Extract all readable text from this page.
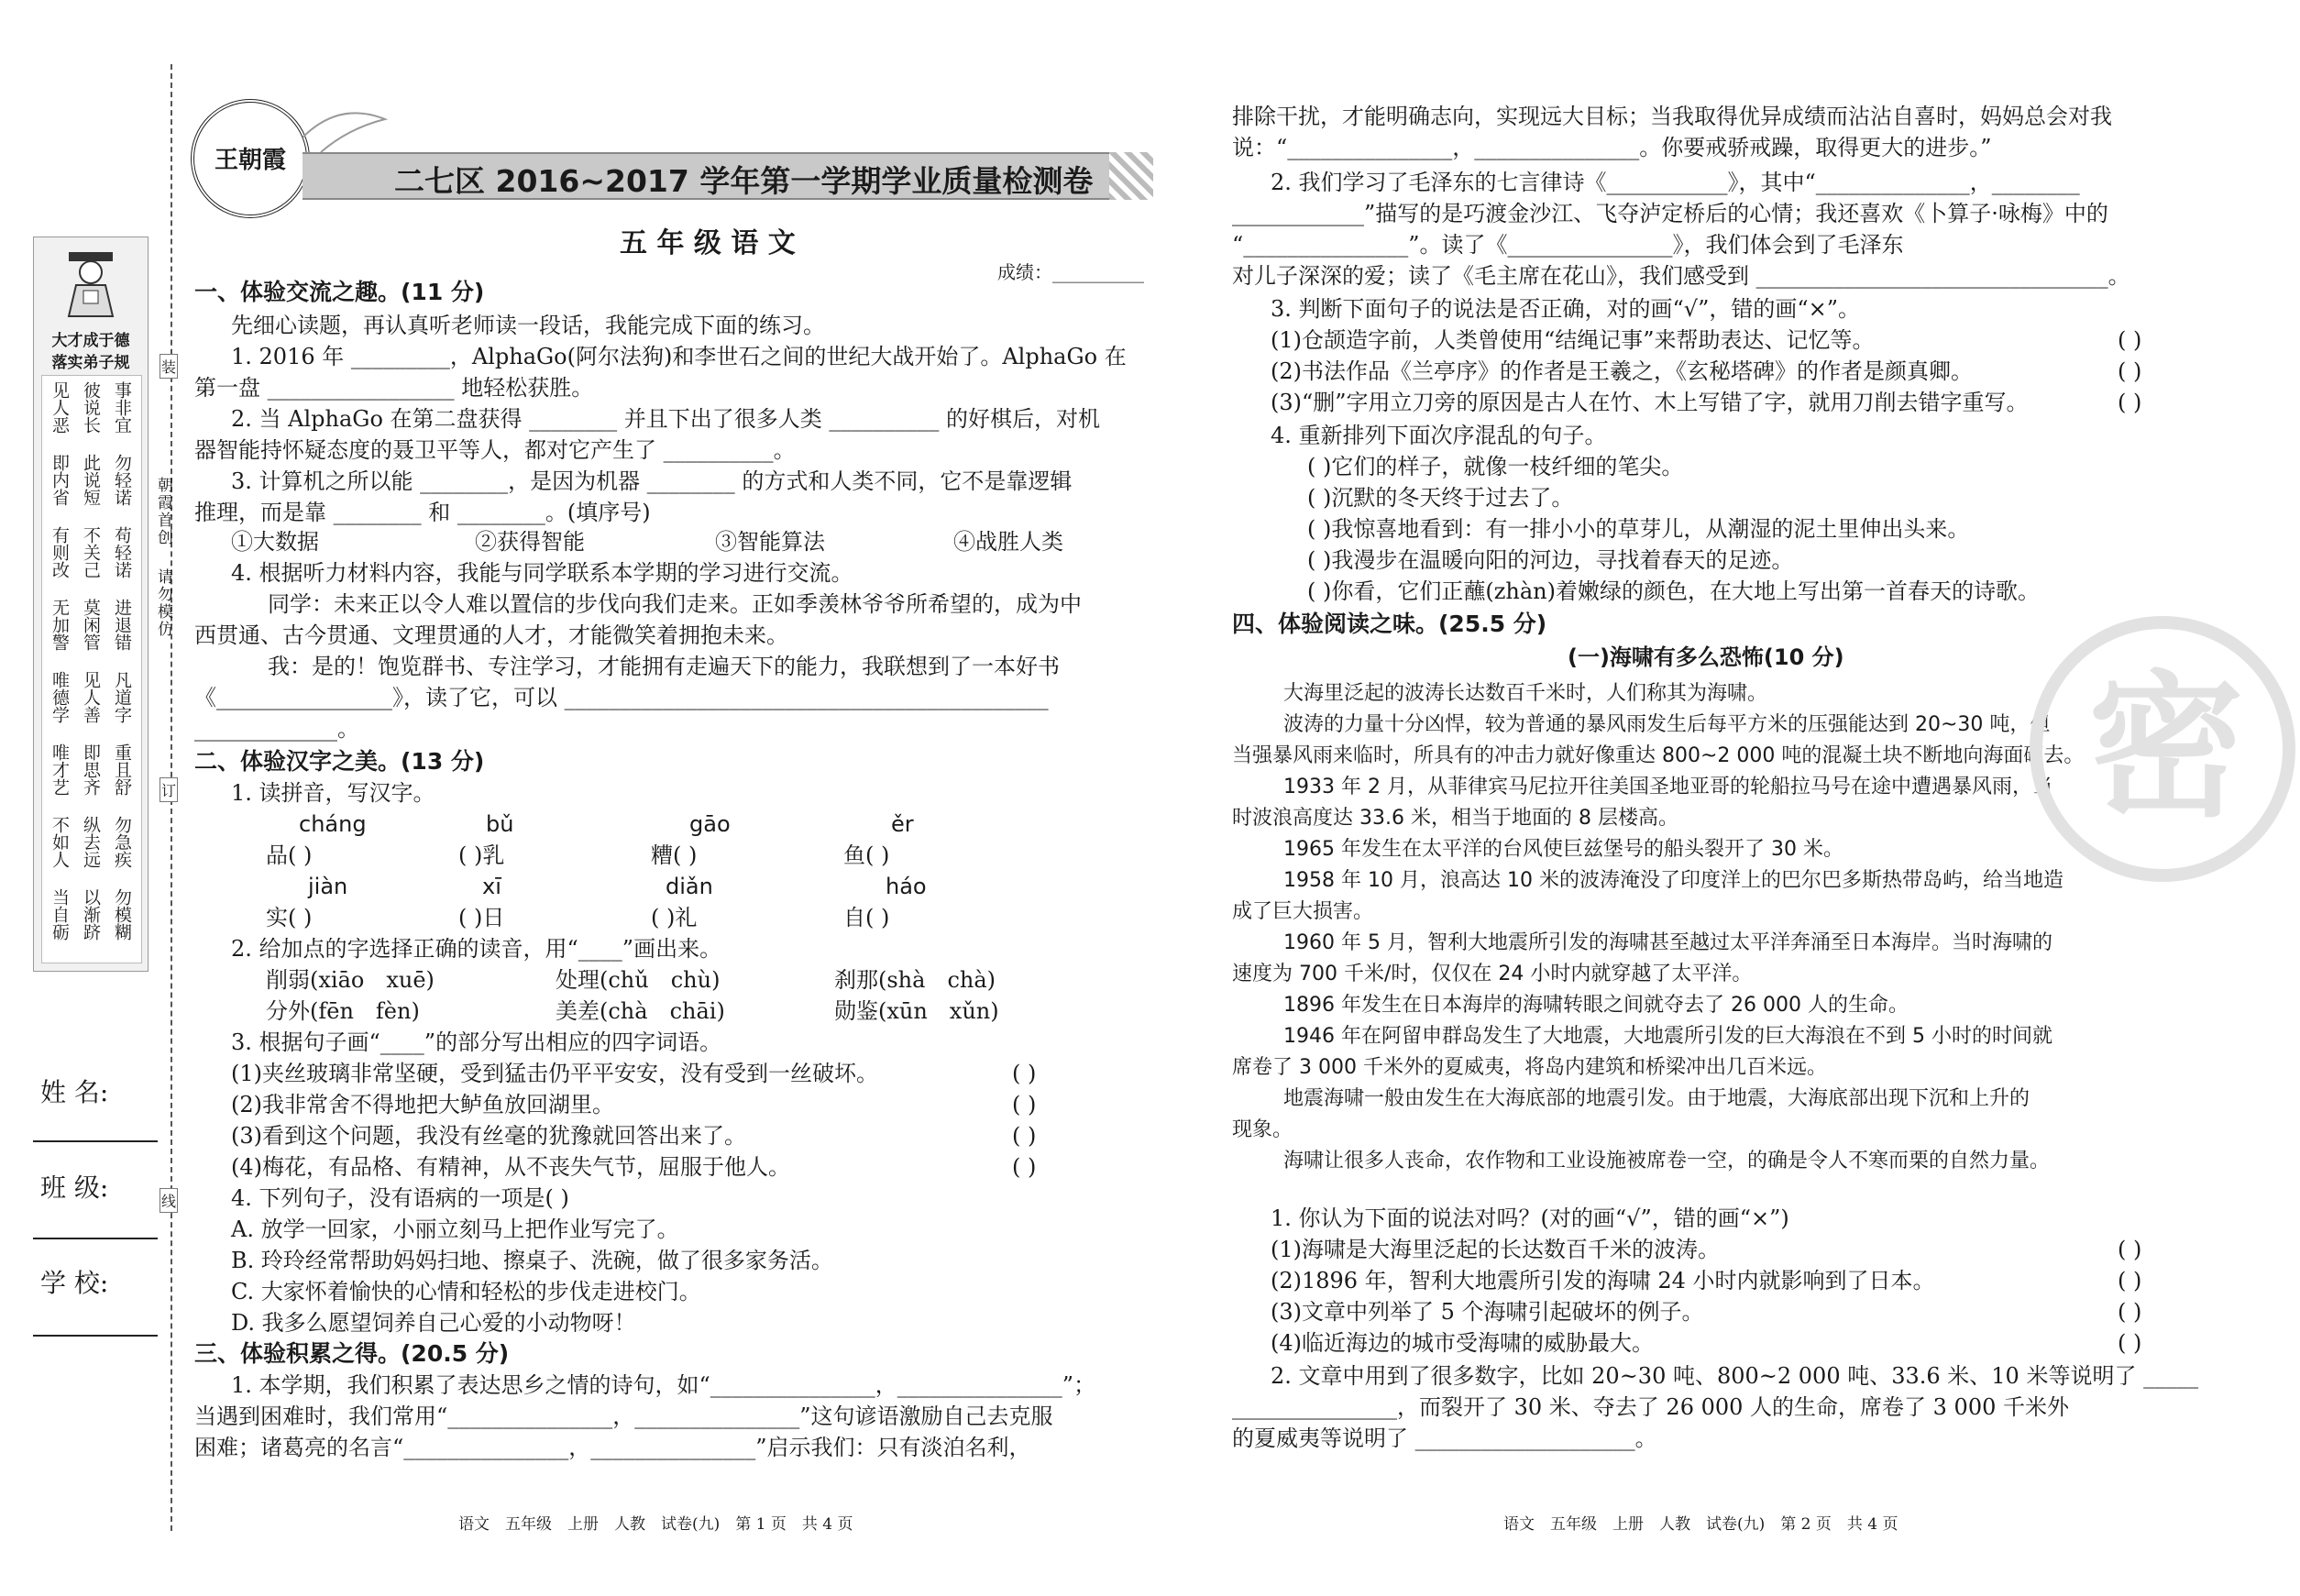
大才成于德
落实弟子规
见人恶 彼说长 事非宜
即内省 此说短 勿轻诺
有则改 不关己 苟轻诺
无加警 莫闲管 进退错
唯德学 见人善 凡道字
唯才艺 即思齐 重且舒
不如人 纵去远 勿急疾
当自砺 以渐跻 勿模糊
装
朝霞首创
请勿模仿
订
线
姓 名:
班 级:
学 校:
王朝霞
二七区 2016~2017 学年第一学期学业质量检测卷
五 年 级 语 文
成绩：__________
一、体验交流之趣。(11 分)
先细心读题，再认真听老师读一段话，我能完成下面的练习。
1. 2016 年 _________，AlphaGo(阿尔法狗)和李世石之间的世纪大战开始了。AlphaGo 在
第一盘 _________________ 地轻松获胜。
2. 当 AlphaGo 在第二盘获得 ________ 并且下出了很多人类 __________ 的好棋后，对机
器智能持怀疑态度的聂卫平等人，都对它产生了 __________。
3. 计算机之所以能 ________，是因为机器 ________ 的方式和人类不同，它不是靠逻辑
推理，而是靠 ________ 和 ________。(填序号)
①大数据	②获得智能	③智能算法	④战胜人类
4. 根据听力材料内容，我能与同学联系本学期的学习进行交流。
同学：未来正以令人难以置信的步伐向我们走来。正如季羡林爷爷所希望的，成为中
西贯通、古今贯通、文理贯通的人才，才能微笑着拥抱未来。
我：是的！饱览群书、专注学习，才能拥有走遍天下的能力，我联想到了一本好书
《________________》，读了它，可以 ____________________________________________
_____________。
二、体验汉字之美。(13 分)
1. 读拼音，写汉字。
cháng	bǔ	gāo	ěr
品( )	( )乳	糟( )	鱼( )
jiàn	xī	diǎn	háo
实( )	( )日	( )礼	自( )
2. 给加点的字选择正确的读音，用“____”画出来。
削弱(xiāo　xuē)	处理(chǔ　chù)	刹那(shà　chà)
分外(fēn　fèn)	美差(chà　chāi)	勋鉴(xūn　xǔn)
3. 根据句子画“____”的部分写出相应的四字词语。
(1)夹丝玻璃非常坚硬，受到猛击仍平平安安，没有受到一丝破坏。	( )
(2)我非常舍不得地把大鲈鱼放回湖里。	( )
(3)看到这个问题，我没有丝毫的犹豫就回答出来了。	( )
(4)梅花，有品格、有精神，从不丧失气节，屈服于他人。	( )
4. 下列句子，没有语病的一项是( )
A. 放学一回家，小丽立刻马上把作业写完了。
B. 玲玲经常帮助妈妈扫地、擦桌子、洗碗，做了很多家务活。
C. 大家怀着愉快的心情和轻松的步伐走进校门。
D. 我多么愿望饲养自己心爱的小动物呀！
三、体验积累之得。(20.5 分)
1. 本学期，我们积累了表达思乡之情的诗句，如“_______________，_______________”；
当遇到困难时，我们常用“_______________，_______________”这句谚语激励自己去克服
困难；诸葛亮的名言“_______________，_______________”启示我们：只有淡泊名利，
语文　五年级　上册　人教　试卷(九)　第 1 页　共 4 页
排除干扰，才能明确志向，实现远大目标；当我取得优异成绩而沾沾自喜时，妈妈总会对我
说：“_______________，_______________。你要戒骄戒躁，取得更大的进步。”
2. 我们学习了毛泽东的七言律诗《___________》，其中“______________，________
____________”描写的是巧渡金沙江、飞夺泸定桥后的心情；我还喜欢《卜算子·咏梅》中的
“_______________”。读了《_______________》，我们体会到了毛泽东
对儿子深深的爱；读了《毛主席在花山》，我们感受到 ________________________________。
3. 判断下面句子的说法是否正确，对的画“√”，错的画“×”。
(1)仓颉造字前，人类曾使用“结绳记事”来帮助表达、记忆等。	( )
(2)书法作品《兰亭序》的作者是王羲之，《玄秘塔碑》的作者是颜真卿。	( )
(3)“删”字用立刀旁的原因是古人在竹、木上写错了字，就用刀削去错字重写。	( )
4. 重新排列下面次序混乱的句子。
( )它们的样子，就像一枝纤细的笔尖。
( )沉默的冬天终于过去了。
( )我惊喜地看到：有一排小小的草芽儿，从潮湿的泥土里伸出头来。
( )我漫步在温暖向阳的河边，寻找着春天的足迹。
( )你看，它们正蘸(zhàn)着嫩绿的颜色，在大地上写出第一首春天的诗歌。
四、体验阅读之味。(25.5 分)
(一)海啸有多么恐怖(10 分)
大海里泛起的波涛长达数百千米时，人们称其为海啸。
波涛的力量十分凶悍，较为普通的暴风雨发生后每平方米的压强能达到 20~30 吨，但
当强暴风雨来临时，所具有的冲击力就好像重达 800~2 000 吨的混凝土块不断地向海面砸去。
1933 年 2 月，从菲律宾马尼拉开往美国圣地亚哥的轮船拉马号在途中遭遇暴风雨，当
时波浪高度达 33.6 米，相当于地面的 8 层楼高。
1965 年发生在太平洋的台风使巨兹堡号的船头裂开了 30 米。
1958 年 10 月，浪高达 10 米的波涛淹没了印度洋上的巴尔巴多斯热带岛屿，给当地造
成了巨大损害。
1960 年 5 月，智利大地震所引发的海啸甚至越过太平洋奔涌至日本海岸。当时海啸的
速度为 700 千米/时，仅仅在 24 小时内就穿越了太平洋。
1896 年发生在日本海岸的海啸转眼之间就夺去了 26 000 人的生命。
1946 年在阿留申群岛发生了大地震，大地震所引发的巨大海浪在不到 5 小时的时间就
席卷了 3 000 千米外的夏威夷，将岛内建筑和桥梁冲出几百米远。
地震海啸一般由发生在大海底部的地震引发。由于地震，大海底部出现下沉和上升的
现象。
海啸让很多人丧命，农作物和工业设施被席卷一空，的确是令人不寒而栗的自然力量。
1. 你认为下面的说法对吗？(对的画“√”，错的画“×”)
(1)海啸是大海里泛起的长达数百千米的波涛。	( )
(2)1896 年，智利大地震所引发的海啸 24 小时内就影响到了日本。	( )
(3)文章中列举了 5 个海啸引起破坏的例子。	( )
(4)临近海边的城市受海啸的威胁最大。	( )
2. 文章中用到了很多数字，比如 20~30 吨、800~2 000 吨、33.6 米、10 米等说明了 _____
_______________，而裂开了 30 米、夺去了 26 000 人的生命，席卷了 3 000 千米外
的夏威夷等说明了 ____________________。
语文　五年级　上册　人教　试卷(九)　第 2 页　共 4 页
密
